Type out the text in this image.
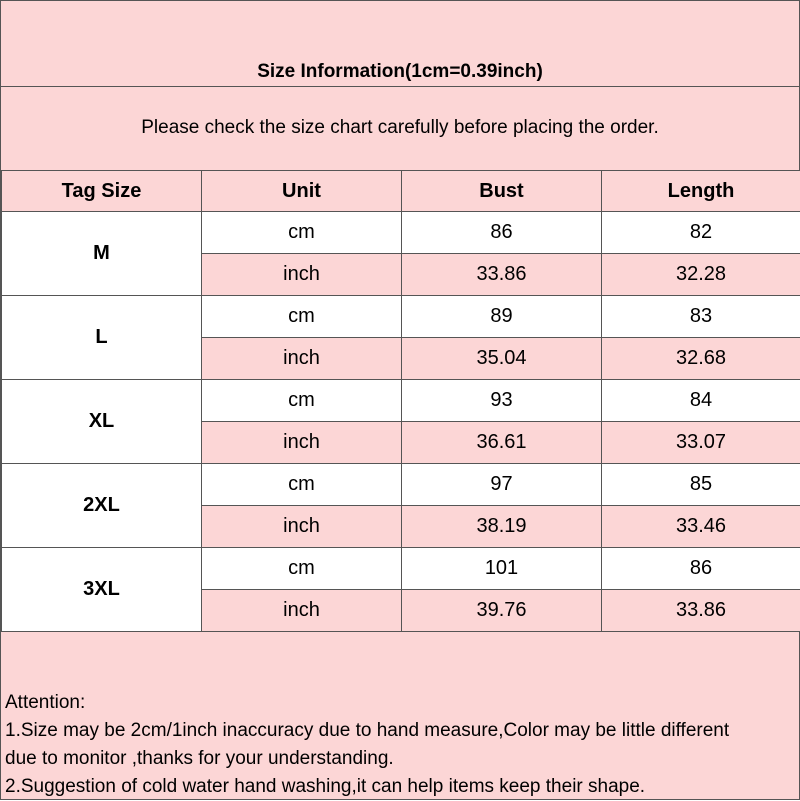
Size Information(1cm=0.39inch)
Please check the size chart carefully before placing the order.
Tag Size	Unit	Bust	Length
M	cm	86	82
	inch	33.86	32.28
L	cm	89	83
	inch	35.04	32.68
XL	cm	93	84
	inch	36.61	33.07
2XL	cm	97	85
	inch	38.19	33.46
3XL	cm	101	86
	inch	39.76	33.86
Attention:
1.Size may be 2cm/1inch inaccuracy due to hand measure,Color may be little different
due to monitor ,thanks for your understanding.
2.Suggestion of cold water hand washing,it can help items keep their shape.
